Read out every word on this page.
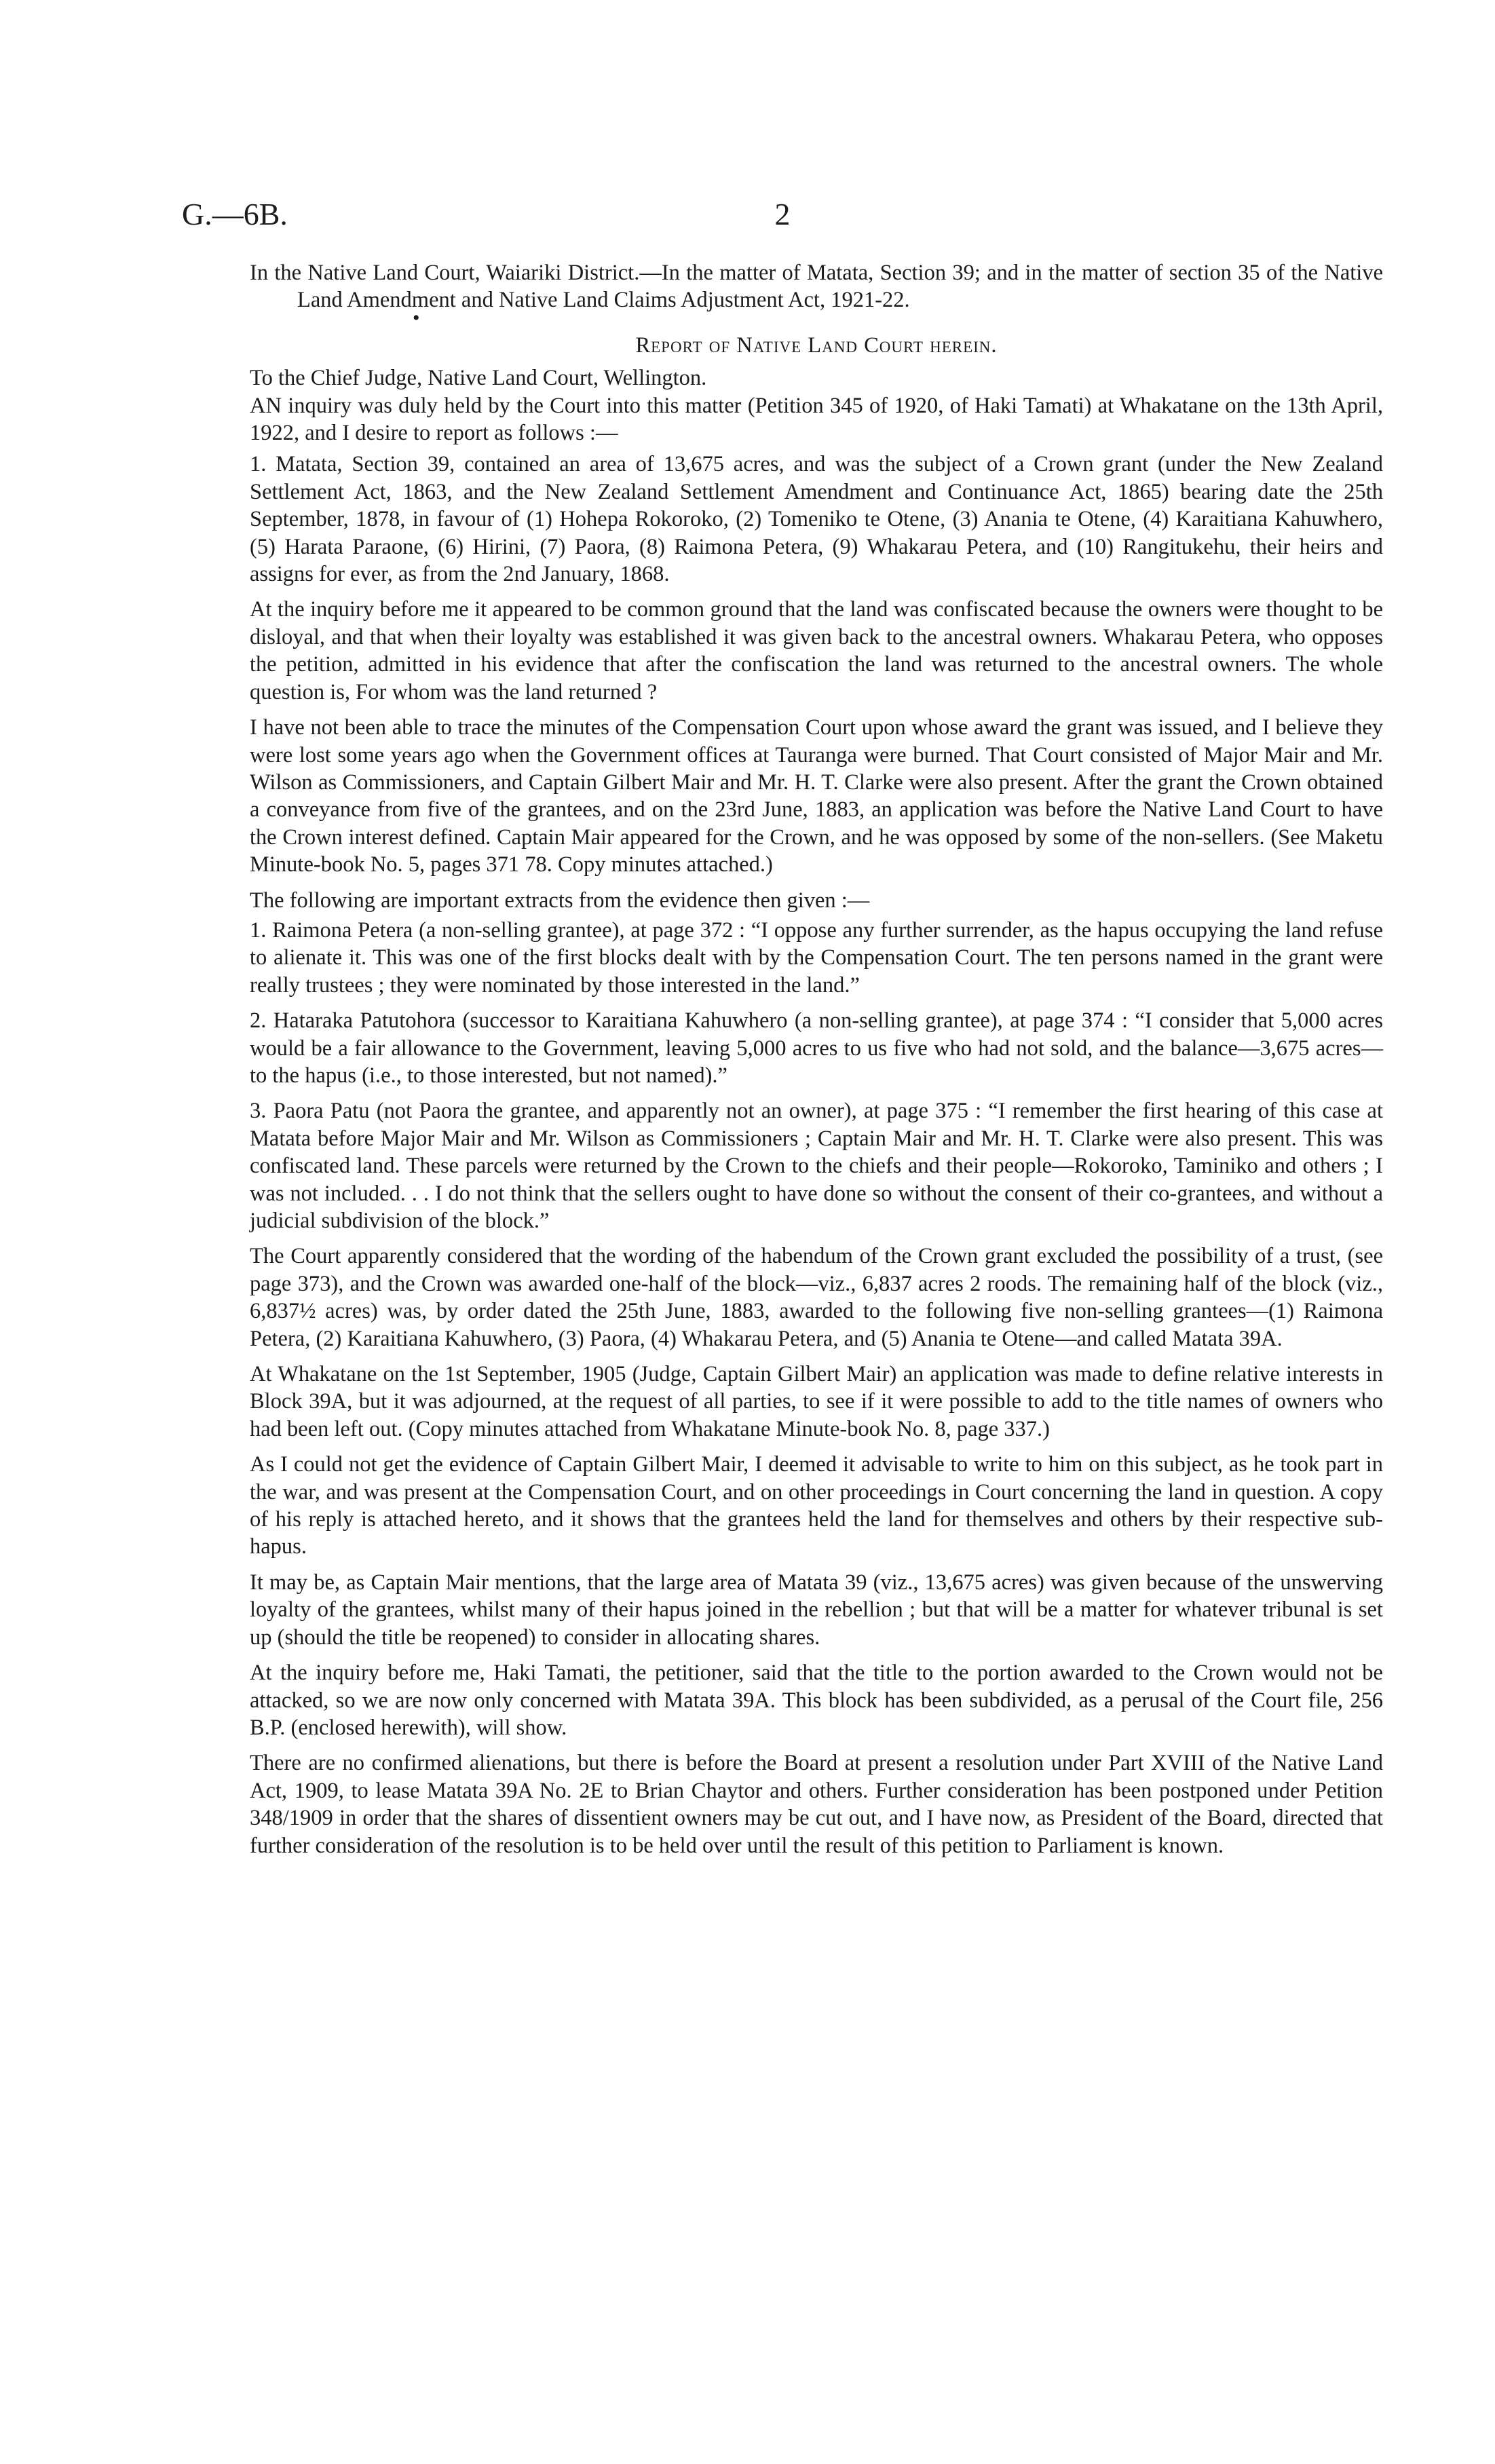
G.—6B.	2

In the Native Land Court, Waiariki District.—In the matter of Matata, Section 39; and in the matter of section 35 of the Native Land Amendment and Native Land Claims Adjustment Act, 1921-22.

•
Report of Native Land Court herein.

To the Chief Judge, Native Land Court, Wellington.

AN inquiry was duly held by the Court into this matter (Petition 345 of 1920, of Haki Tamati) at Whakatane on the 13th April, 1922, and I desire to report as follows :—

1. Matata, Section 39, contained an area of 13,675 acres, and was the subject of a Crown grant (under the New Zealand Settlement Act, 1863, and the New Zealand Settlement Amendment and Continuance Act, 1865) bearing date the 25th September, 1878, in favour of (1) Hohepa Rokoroko, (2) Tomeniko te Otene, (3) Anania te Otene, (4) Karaitiana Kahuwhero, (5) Harata Paraone, (6) Hirini, (7) Paora, (8) Raimona Petera, (9) Whakarau Petera, and (10) Rangitukehu, their heirs and assigns for ever, as from the 2nd January, 1868.

At the inquiry before me it appeared to be common ground that the land was confiscated because the owners were thought to be disloyal, and that when their loyalty was established it was given back to the ancestral owners. Whakarau Petera, who opposes the petition, admitted in his evidence that after the confiscation the land was returned to the ancestral owners. The whole question is, For whom was the land returned ?

I have not been able to trace the minutes of the Compensation Court upon whose award the grant was issued, and I believe they were lost some years ago when the Government offices at Tauranga were burned. That Court consisted of Major Mair and Mr. Wilson as Commissioners, and Captain Gilbert Mair and Mr. H. T. Clarke were also present. After the grant the Crown obtained a conveyance from five of the grantees, and on the 23rd June, 1883, an application was before the Native Land Court to have the Crown interest defined. Captain Mair appeared for the Crown, and he was opposed by some of the non-sellers. (See Maketu Minute-book No. 5, pages 371 78. Copy minutes attached.)

The following are important extracts from the evidence then given :—

1. Raimona Petera (a non-selling grantee), at page 372 : “I oppose any further surrender, as the hapus occupying the land refuse to alienate it. This was one of the first blocks dealt with by the Compensation Court. The ten persons named in the grant were really trustees ; they were nominated by those interested in the land.”

2. Hataraka Patutohora (successor to Karaitiana Kahuwhero (a non-selling grantee), at page 374 : “I consider that 5,000 acres would be a fair allowance to the Government, leaving 5,000 acres to us five who had not sold, and the balance—3,675 acres—to the hapus (i.e., to those interested, but not named).”

3. Paora Patu (not Paora the grantee, and apparently not an owner), at page 375 : “I remember the first hearing of this case at Matata before Major Mair and Mr. Wilson as Commissioners ; Captain Mair and Mr. H. T. Clarke were also present. This was confiscated land. These parcels were returned by the Crown to the chiefs and their people—Rokoroko, Taminiko and others ; I was not included. . . I do not think that the sellers ought to have done so without the consent of their co-grantees, and without a judicial subdivision of the block.”

The Court apparently considered that the wording of the habendum of the Crown grant excluded the possibility of a trust, (see page 373), and the Crown was awarded one-half of the block—viz., 6,837 acres 2 roods. The remaining half of the block (viz., 6,837½ acres) was, by order dated the 25th June, 1883, awarded to the following five non-selling grantees—(1) Raimona Petera, (2) Karaitiana Kahuwhero, (3) Paora, (4) Whakarau Petera, and (5) Anania te Otene—and called Matata 39A.

At Whakatane on the 1st September, 1905 (Judge, Captain Gilbert Mair) an application was made to define relative interests in Block 39A, but it was adjourned, at the request of all parties, to see if it were possible to add to the title names of owners who had been left out. (Copy minutes attached from Whakatane Minute-book No. 8, page 337.)

As I could not get the evidence of Captain Gilbert Mair, I deemed it advisable to write to him on this subject, as he took part in the war, and was present at the Compensation Court, and on other proceedings in Court concerning the land in question. A copy of his reply is attached hereto, and it shows that the grantees held the land for themselves and others by their respective sub-hapus.

It may be, as Captain Mair mentions, that the large area of Matata 39 (viz., 13,675 acres) was given because of the unswerving loyalty of the grantees, whilst many of their hapus joined in the rebellion ; but that will be a matter for whatever tribunal is set up (should the title be reopened) to consider in allocating shares.

At the inquiry before me, Haki Tamati, the petitioner, said that the title to the portion awarded to the Crown would not be attacked, so we are now only concerned with Matata 39A. This block has been subdivided, as a perusal of the Court file, 256 B.P. (enclosed herewith), will show.

There are no confirmed alienations, but there is before the Board at present a resolution under Part XVIII of the Native Land Act, 1909, to lease Matata 39A No. 2E to Brian Chaytor and others. Further consideration has been postponed under Petition 348/1909 in order that the shares of dissentient owners may be cut out, and I have now, as President of the Board, directed that further consideration of the resolution is to be held over until the result of this petition to Parliament is known.
